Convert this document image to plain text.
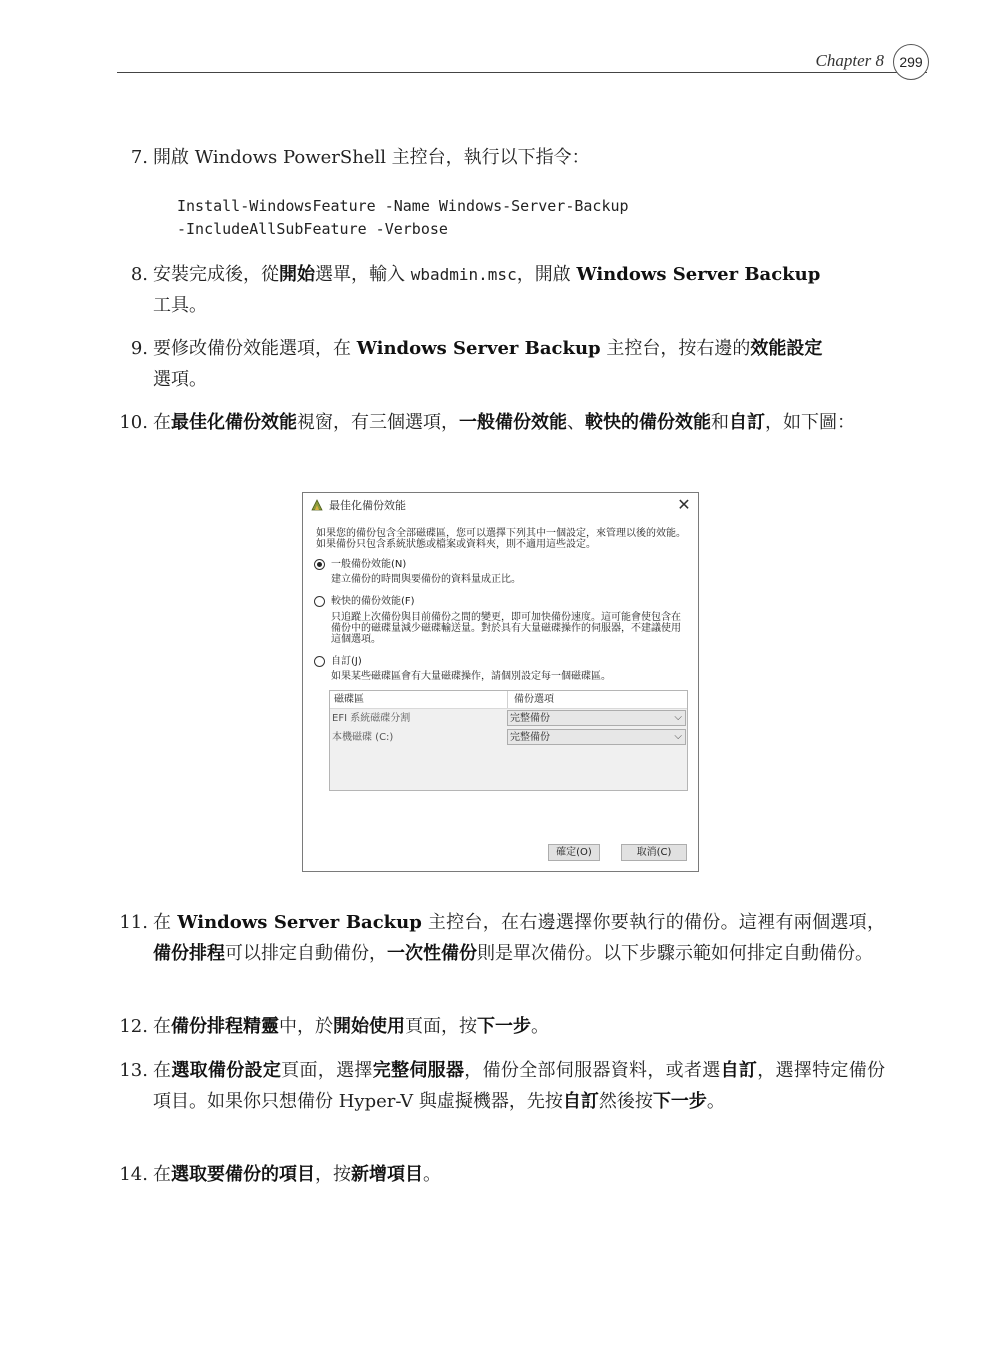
Chapter 8	299
7. 開啟 Windows PowerShell 主控台，執行以下指令：
Install-WindowsFeature -Name Windows-Server-Backup
-IncludeAllSubFeature -Verbose
8. 安裝完成後，從開始選單，輸入 wbadmin.msc，開啟 Windows Server Backup
工具。
9. 要修改備份效能選項，在 Windows Server Backup 主控台，按右邊的效能設定
選項。
10. 在最佳化備份效能視窗，有三個選項，一般備份效能、較快的備份效能和自訂，如下圖：
最佳化備份效能	✕
如果您的備份包含全部磁碟區，您可以選擇下列其中一個設定，來管理以後的效能。如果備份只包含系統狀態或檔案或資料夾，則不適用這些設定。
一般備份效能(N)
建立備份的時間與要備份的資料量成正比。
較快的備份效能(F)
只追蹤上次備份與目前備份之間的變更，即可加快備份速度。這可能會使包含在備份中的磁碟量減少磁碟輸送量。對於具有大量磁碟操作的伺服器，不建議使用這個選項。
自訂(J)
如果某些磁碟區會有大量磁碟操作，請個別設定每一個磁碟區。
磁碟區	備份選項
EFI 系統磁碟分割	完整備份	⌵
本機磁碟 (C:)	完整備份	⌵
確定(O)	取消(C)
11. 在 Windows Server Backup 主控台，在右邊選擇你要執行的備份。這裡有兩個選項，備份排程可以排定自動備份，一次性備份則是單次備份。以下步驟示範如何排定自動備份。
12. 在備份排程精靈中，於開始使用頁面，按下一步。
13. 在選取備份設定頁面，選擇完整伺服器，備份全部伺服器資料，或者選自訂，選擇特定備份項目。如果你只想備份 Hyper-V 與虛擬機器，先按自訂然後按下一步。
14. 在選取要備份的項目，按新增項目。
